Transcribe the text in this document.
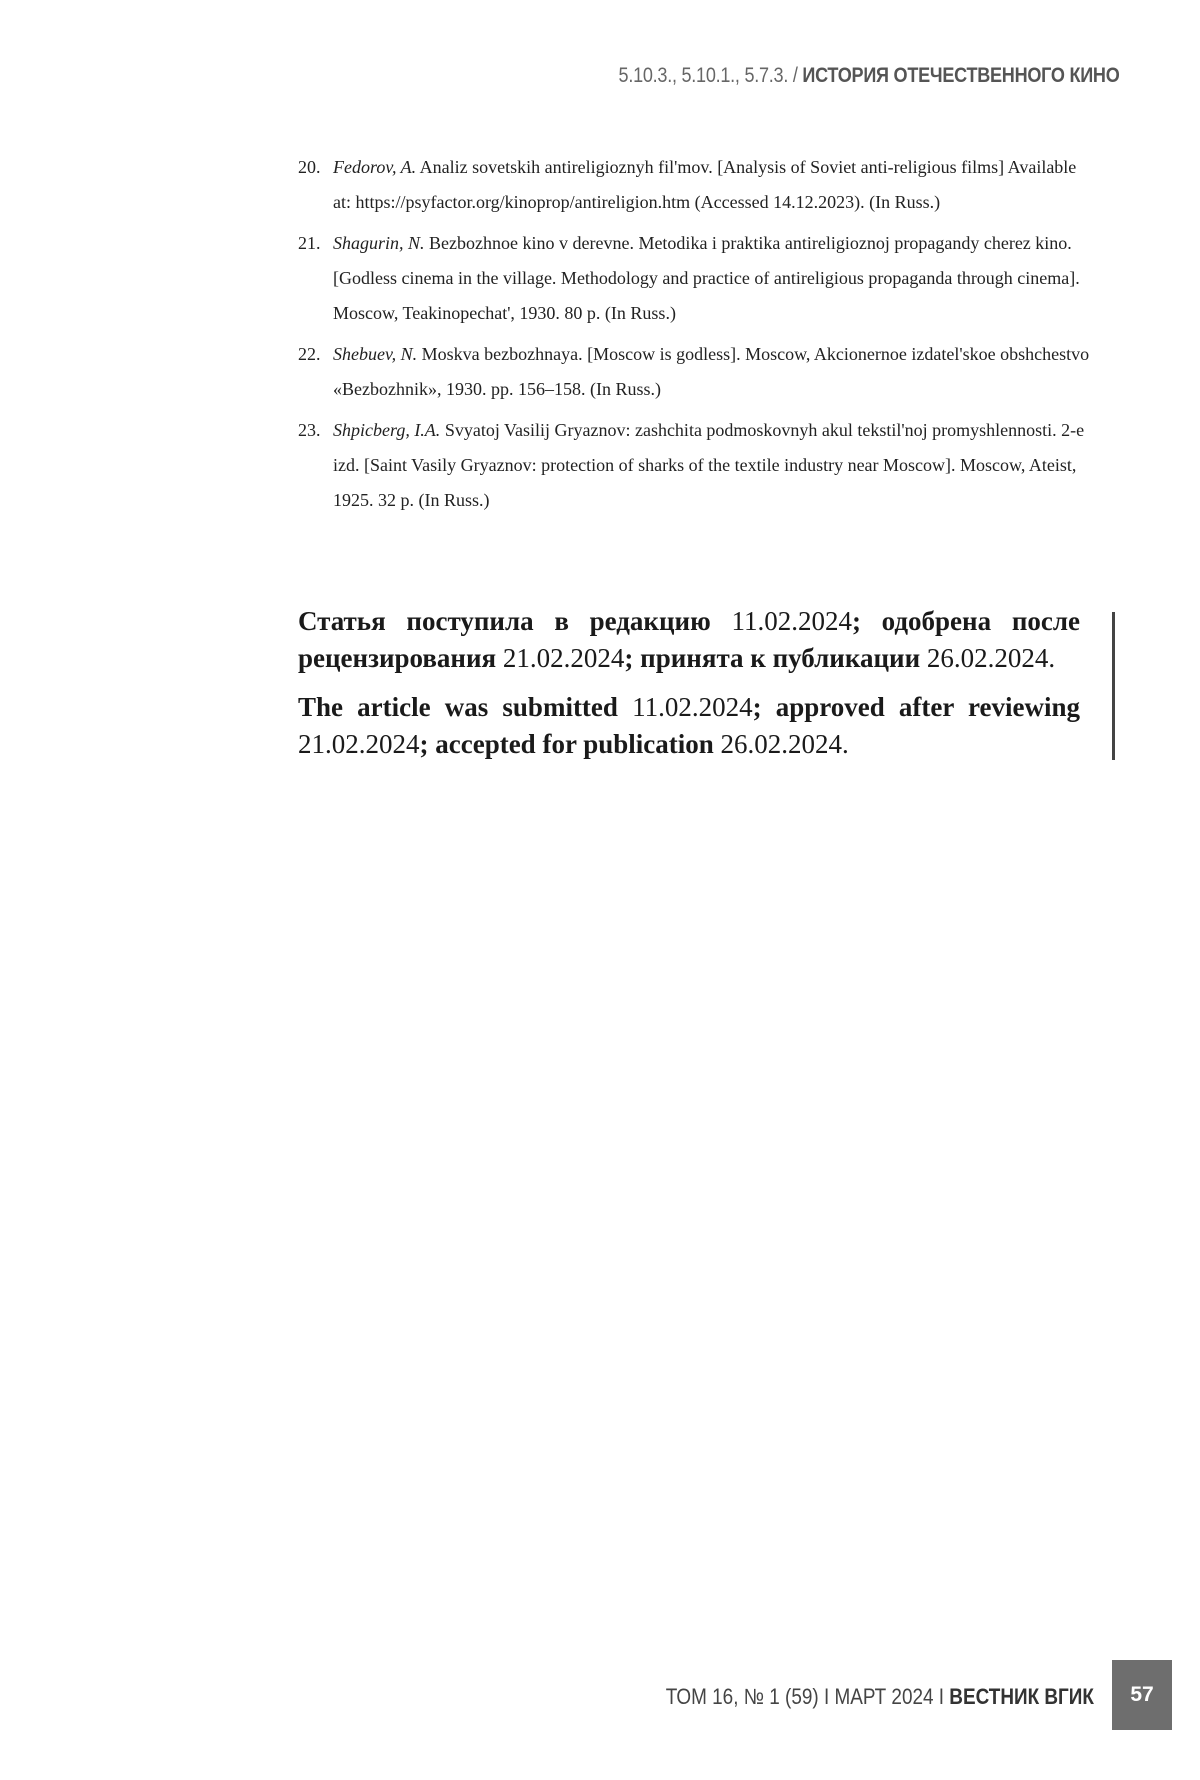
5.10.3., 5.10.1., 5.7.3. / ИСТОРИЯ ОТЕЧЕСТВЕННОГО КИНО
20. Fedorov, A. Analiz sovetskih antireligioznyh fil'mov. [Analysis of Soviet anti-religious films] Available at: https://psyfactor.org/kinoprop/antireligion.htm (Accessed 14.12.2023). (In Russ.)
21. Shagurin, N. Bezbozhnoe kino v derevne. Metodika i praktika antireligioznoj propagandy cherez kino. [Godless cinema in the village. Methodology and practice of antireligious propaganda through cinema]. Moscow, Teakinopechat', 1930. 80 p. (In Russ.)
22. Shebuev, N. Moskva bezbozhnaya. [Moscow is godless]. Moscow, Akcionernoe izdatel'skoe obshchestvo «Bezbozhnik», 1930. pp. 156–158. (In Russ.)
23. Shpicberg, I.A. Svyatoj Vasilij Gryaznov: zashchita podmoskovnyh akul tekstil'noj promyshlennosti. 2-e izd. [Saint Vasily Gryaznov: protection of sharks of the textile industry near Moscow]. Moscow, Ateist, 1925. 32 p. (In Russ.)

Статья поступила в редакцию 11.02.2024; одобрена после рецензирования 21.02.2024; принята к публикации 26.02.2024.

The article was submitted 11.02.2024; approved after reviewing 21.02.2024; accepted for publication 26.02.2024.

ТОМ 16, № 1 (59) I МАРТ 2024 I ВЕСТНИК ВГИК	57
